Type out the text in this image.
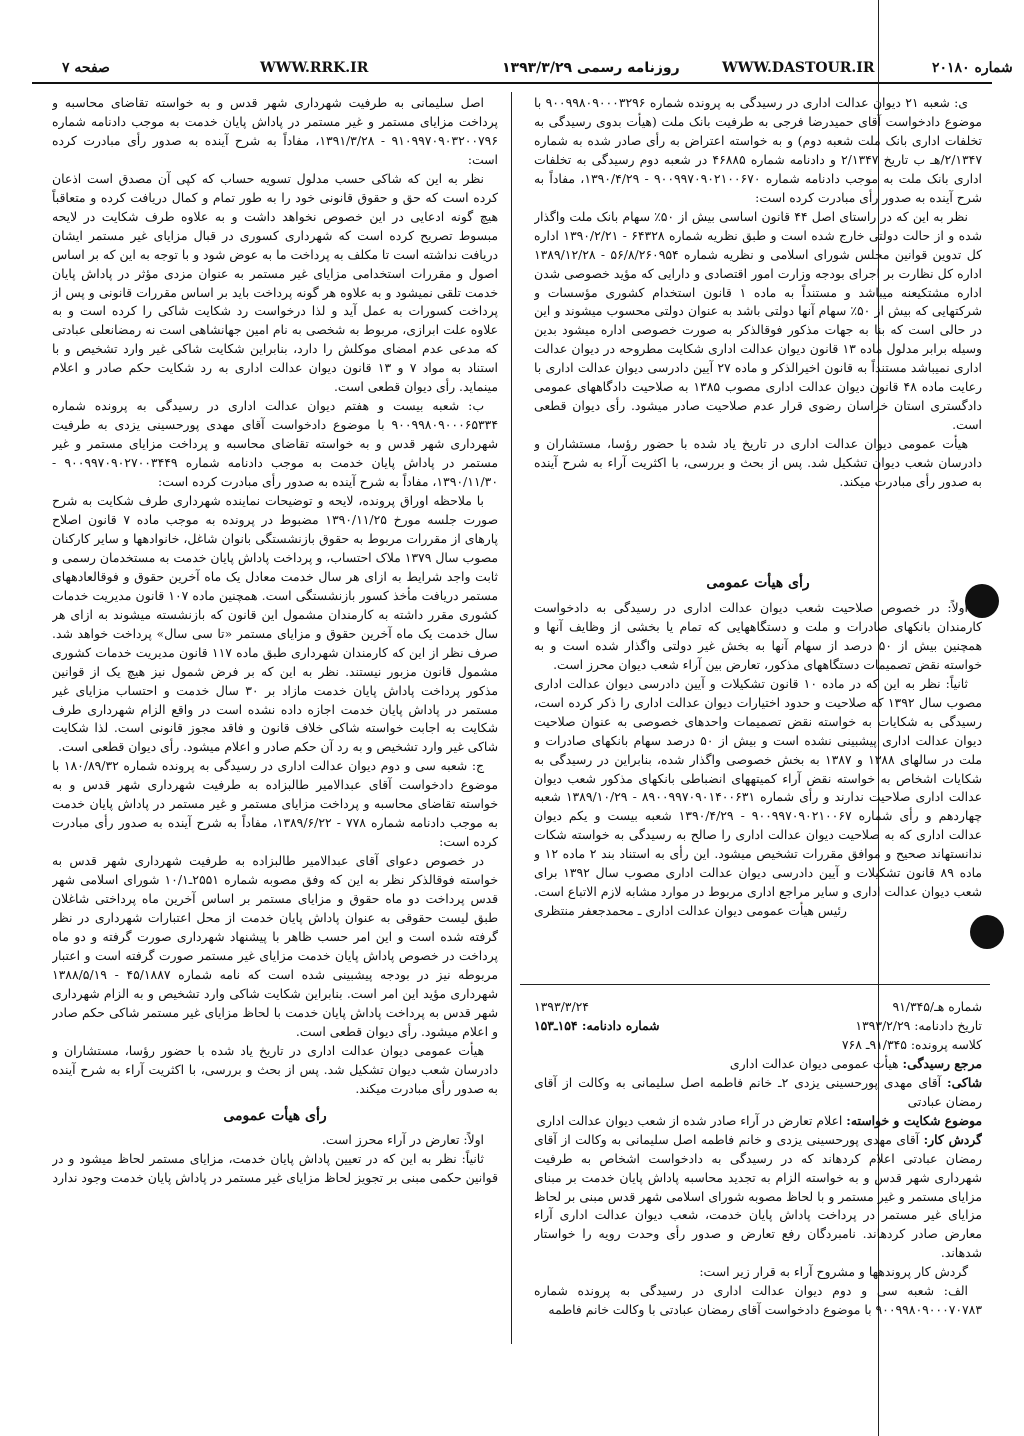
صفحه ۷	WWW.RRK.IR	روزنامه رسمی ۱۳۹۳/۳/۲۹	WWW.DASTOUR.IR	شماره ۲۰۱۸۰

ی: شعبه ۲۱ دیوان عدالت اداری در رسیدگی به پرونده شماره ۹۰۰۹۹۸۰۹۰۰۰۳۲۹۶ با موضوع دادخواست آقای حمیدرضا فرجی به طرفیت بانک ملت (هیأت بدوی رسیدگی به تخلفات اداری بانک ملت شعبه دوم) و به خواسته اعتراض به رأی صادر شده به شماره ۲/۱۳۴۷/هـ ب تاریخ ۲/۱۳۴۷ و دادنامه شماره ۴۶۸۸۵ در شعبه دوم رسیدگی به تخلفات اداری بانک ملت به موجب دادنامه شماره ۹۰۰۹۹۷۰۹۰۲۱۰۰۶۷۰ - ۱۳۹۰/۴/۲۹، مفاداً به شرح آینده به صدور رأی مبادرت کرده است:

نظر به این که در راستای اصل ۴۴ قانون اساسی بیش از ۵۰٪ سهام بانک ملت واگذار شده و از حالت دولتی خارج شده است و طبق نظریه شماره ۶۴۳۲۸ - ۱۳۹۰/۲/۲۱ اداره کل تدوین قوانین مجلس شورای اسلامی و نظریه شماره ۵۶/۸/۲۶۰۹۵۴ - ۱۳۸۹/۱۲/۲۸ اداره کل نظارت بر اجرای بودجه وزارت امور اقتصادی و دارایی که مؤید خصوصی شدن اداره مشتکیعنه میباشد و مستنداً به ماده ۱ قانون استخدام کشوری مؤسسات و شرکتهایی که بیش از ۵۰٪ سهام آنها دولتی باشد به عنوان دولتی محسوب میشوند و این در حالی است که بنا به جهات مذکور فوقالذکر به صورت خصوصی اداره میشود بدین وسیله برابر مدلول ماده ۱۳ قانون دیوان عدالت اداری شکایت مطروحه در دیوان عدالت اداری نمیباشد مستنداً به قانون اخیرالذکر و ماده ۲۷ آیین دادرسی دیوان عدالت اداری با رعایت ماده ۴۸ قانون دیوان عدالت اداری مصوب ۱۳۸۵ به صلاحیت دادگاههای عمومی دادگستری استان خراسان رضوی قرار عدم صلاحیت صادر میشود. رأی دیوان قطعی است.

هیأت عمومی دیوان عدالت اداری در تاریخ یاد شده با حضور رؤسا، مستشاران و دادرسان شعب دیوان تشکیل شد. پس از بحث و بررسی، با اکثریت آراء به شرح آینده به صدور رأی مبادرت میکند.

رأی هیأت عمومی

اولاً: در خصوص صلاحیت شعب دیوان عدالت اداری در رسیدگی به دادخواست کارمندان بانکهای صادرات و ملت و دستگاههایی که تمام یا بخشی از وظایف آنها و همچنین بیش از ۵۰ درصد از سهام آنها به بخش غیر دولتی واگذار شده است و به خواسته نقض تصمیمات دستگاههای مذکور، تعارض بین آراء شعب دیوان محرز است.

ثانیاً: نظر به این که در ماده ۱۰ قانون تشکیلات و آیین دادرسی دیوان عدالت اداری مصوب سال ۱۳۹۲ که صلاحیت و حدود اختیارات دیوان عدالت اداری را ذکر کرده است، رسیدگی به شکایات به خواسته نقض تصمیمات واحدهای خصوصی به عنوان صلاحیت دیوان عدالت اداری پیشبینی نشده است و بیش از ۵۰ درصد سهام بانکهای صادرات و ملت در سالهای ۱۳۸۸ و ۱۳۸۷ به بخش خصوصی واگذار شده، بنابراین در رسیدگی به شکایات اشخاص به خواسته نقض آراء کمیتههای انضباطی بانکهای مذکور شعب دیوان عدالت اداری صلاحیت ندارند و رأی شماره ۸۹۰۰۹۹۷۰۹۰۱۴۰۰۶۳۱ - ۱۳۸۹/۱۰/۲۹ شعبه چهاردهم و رأی شماره ۹۰۰۹۹۷۰۹۰۲۱۰۰۶۷ - ۱۳۹۰/۴/۲۹ شعبه بیست و یکم دیوان عدالت اداری که به صلاحیت دیوان عدالت اداری را صالح به رسیدگی به خواسته شکات ندانستهاند صحیح و موافق مقررات تشخیص میشود. این رأی به استناد بند ۲ ماده ۱۲ و ماده ۸۹ قانون تشکیلات و آیین دادرسی دیوان عدالت اداری مصوب سال ۱۳۹۲ برای شعب دیوان عدالت اداری و سایر مراجع اداری مربوط در موارد مشابه لازم الاتباع است.

رئیس هیأت عمومی دیوان عدالت اداری ـ محمدجعفر منتظری

شماره هـ/۹۱/۳۴۵
۱۳۹۳/۳/۲۴
تاریخ دادنامه: ۱۳۹۳/۲/۲۹
شماره دادنامه: ۱۵۴ـ۱۵۳

کلاسه پرونده: ۹۱/۳۴۵ـ ۷۶۸

مرجع رسیدگی: هیأت عمومی دیوان عدالت اداری

شاکی: آقای مهدی پورحسینی یزدی ۲ـ خانم فاطمه اصل سلیمانی به وکالت از آقای رمضان عبادتی

موضوع شکایت و خواسته: اعلام تعارض در آراء صادر شده از شعب دیوان عدالت اداری

گردش کار: آقای مهدی پورحسینی یزدی و خانم فاطمه اصل سلیمانی به وکالت از آقای رمضان عبادتی اعلام کردهاند که در رسیدگی به دادخواست اشخاص به طرفیت شهرداری شهر قدس و به خواسته الزام به تجدید محاسبه پاداش پایان خدمت بر مبنای مزایای مستمر و غیر مستمر و با لحاظ مصوبه شورای اسلامی شهر قدس مبنی بر لحاظ مزایای غیر مستمر در پرداخت پاداش پایان خدمت، شعب دیوان عدالت اداری آراء معارض صادر کردهاند. نامبردگان رفع تعارض و صدور رأی وحدت رویه را خواستار شدهاند.

گردش کار پروندهها و مشروح آراء به قرار زیر است:

الف: شعبه سی و دوم دیوان عدالت اداری در رسیدگی به پرونده شماره ۹۰۰۹۹۸۰۹۰۰۰۷۰۷۸۳ با موضوع دادخواست آقای رمضان عبادتی با وکالت خانم فاطمه

اصل سلیمانی به طرفیت شهرداری شهر قدس و به خواسته تقاضای محاسبه و پرداخت مزایای مستمر و غیر مستمر در پاداش پایان خدمت به موجب دادنامه شماره ۹۱۰۹۹۷۰۹۰۳۲۰۰۷۹۶ - ۱۳۹۱/۳/۲۸، مفاداً به شرح آینده به صدور رأی مبادرت کرده است:

نظر به این که شاکی حسب مدلول تسویه حساب که کپی آن مصدق است اذعان کرده است که حق و حقوق قانونی خود را به طور تمام و کمال دریافت کرده و متعاقباً هیچ گونه ادعایی در این خصوص نخواهد داشت و به علاوه طرف شکایت در لایحه مبسوط تصریح کرده است که شهرداری کسوری در قبال مزایای غیر مستمر ایشان دریافت نداشته است تا مکلف به پرداخت ما به عوض شود و با توجه به این که بر اساس اصول و مقررات استخدامی مزایای غیر مستمر به عنوان مزدی مؤثر در پاداش پایان خدمت تلقی نمیشود و به علاوه هر گونه پرداخت باید بر اساس مقررات قانونی و پس از پرداخت کسورات به عمل آید و لذا درخواست رد شکایت شاکی را کرده است و به علاوه علت ابرازی، مربوط به شخصی به نام امین جهانشاهی است نه رمضانعلی عبادتی که مدعی عدم امضای موکلش را دارد، بنابراین شکایت شاکی غیر وارد تشخیص و با استناد به مواد ۷ و ۱۳ قانون دیوان عدالت اداری به رد شکایت حکم صادر و اعلام مینماید. رأی دیوان قطعی است.

ب: شعبه بیست و هفتم دیوان عدالت اداری در رسیدگی به پرونده شماره ۹۰۰۹۹۸۰۹۰۰۰۶۵۳۳۴ با موضوع دادخواست آقای مهدی پورحسینی یزدی به طرفیت شهرداری شهر قدس و به خواسته تقاضای محاسبه و پرداخت مزایای مستمر و غیر مستمر در پاداش پایان خدمت به موجب دادنامه شماره ۹۰۰۹۹۷۰۹۰۲۷۰۰۳۴۴۹ - ۱۳۹۰/۱۱/۳۰، مفاداً به شرح آینده به صدور رأی مبادرت کرده است:

با ملاحظه اوراق پرونده، لایحه و توضیحات نماینده شهرداری طرف شکایت به شرح صورت جلسه مورخ ۱۳۹۰/۱۱/۲۵ مضبوط در پرونده به موجب ماده ۷ قانون اصلاح پارهای از مقررات مربوط به حقوق بازنشستگی بانوان شاغل، خانوادهها و سایر کارکنان مصوب سال ۱۳۷۹ ملاک احتساب، و پرداخت پاداش پایان خدمت به مستخدمان رسمی و ثابت واجد شرایط به ازای هر سال خدمت معادل یک ماه آخرین حقوق و فوقالعادههای مستمر دریافت مأخذ کسور بازنشستگی است. همچنین ماده ۱۰۷ قانون مدیریت خدمات کشوری مقرر داشته به کارمندان مشمول این قانون که بازنشسته میشوند به ازای هر سال خدمت یک ماه آخرین حقوق و مزایای مستمر «تا سی سال» پرداخت خواهد شد. صرف نظر از این که کارمندان شهرداری طبق ماده ۱۱۷ قانون مدیریت خدمات کشوری مشمول قانون مزبور نیستند. نظر به این که بر فرض شمول نیز هیچ یک از قوانین مذکور پرداخت پاداش پایان خدمت مازاد بر ۳۰ سال خدمت و احتساب مزایای غیر مستمر در پاداش پایان خدمت اجازه داده نشده است در واقع الزام شهرداری طرف شکایت به اجابت خواسته شاکی خلاف قانون و فاقد مجوز قانونی است. لذا شکایت شاکی غیر وارد تشخیص و به رد آن حکم صادر و اعلام میشود. رأی دیوان قطعی است.

ج: شعبه سی و دوم دیوان عدالت اداری در رسیدگی به پرونده شماره ۱۸۰/۸۹/۳۲ با موضوع دادخواست آقای عبدالامیر طالبزاده به طرفیت شهرداری شهر قدس و به خواسته تقاضای محاسبه و پرداخت مزایای مستمر و غیر مستمر در پاداش پایان خدمت به موجب دادنامه شماره ۷۷۸ - ۱۳۸۹/۶/۲۲، مفاداً به شرح آینده به صدور رأی مبادرت کرده است:

در خصوص دعوای آقای عبدالامیر طالبزاده به طرفیت شهرداری شهر قدس به خواسته فوقالذکر نظر به این که وفق مصوبه شماره ۲۵۵۱ـ۱۰/۱ شورای اسلامی شهر قدس پرداخت دو ماه حقوق و مزایای مستمر بر اساس آخرین ماه پرداختی شاغلان طبق لیست حقوقی به عنوان پاداش پایان خدمت از محل اعتبارات شهرداری در نظر گرفته شده است و این امر حسب ظاهر با پیشنهاد شهرداری صورت گرفته و دو ماه پرداخت در خصوص پاداش پایان خدمت مزایای غیر مستمر صورت گرفته است و اعتبار مربوطه نیز در بودجه پیشبینی شده است که نامه شماره ۴۵/۱۸۸۷ - ۱۳۸۸/۵/۱۹ شهرداری مؤید این امر است. بنابراین شکایت شاکی وارد تشخیص و به الزام شهرداری شهر قدس به پرداخت پاداش پایان خدمت با لحاظ مزایای غیر مستمر شاکی حکم صادر و اعلام میشود. رأی دیوان قطعی است.

هیأت عمومی دیوان عدالت اداری در تاریخ یاد شده با حضور رؤسا، مستشاران و دادرسان شعب دیوان تشکیل شد. پس از بحث و بررسی، با اکثریت آراء به شرح آینده به صدور رأی مبادرت میکند.

رأی هیأت عمومی

اولاً: تعارض در آراء محرز است.

ثانیاً: نظر به این که در تعیین پاداش پایان خدمت، مزایای مستمر لحاظ میشود و در قوانین حکمی مبنی بر تجویز لحاظ مزایای غیر مستمر در پاداش پایان خدمت وجود ندارد
